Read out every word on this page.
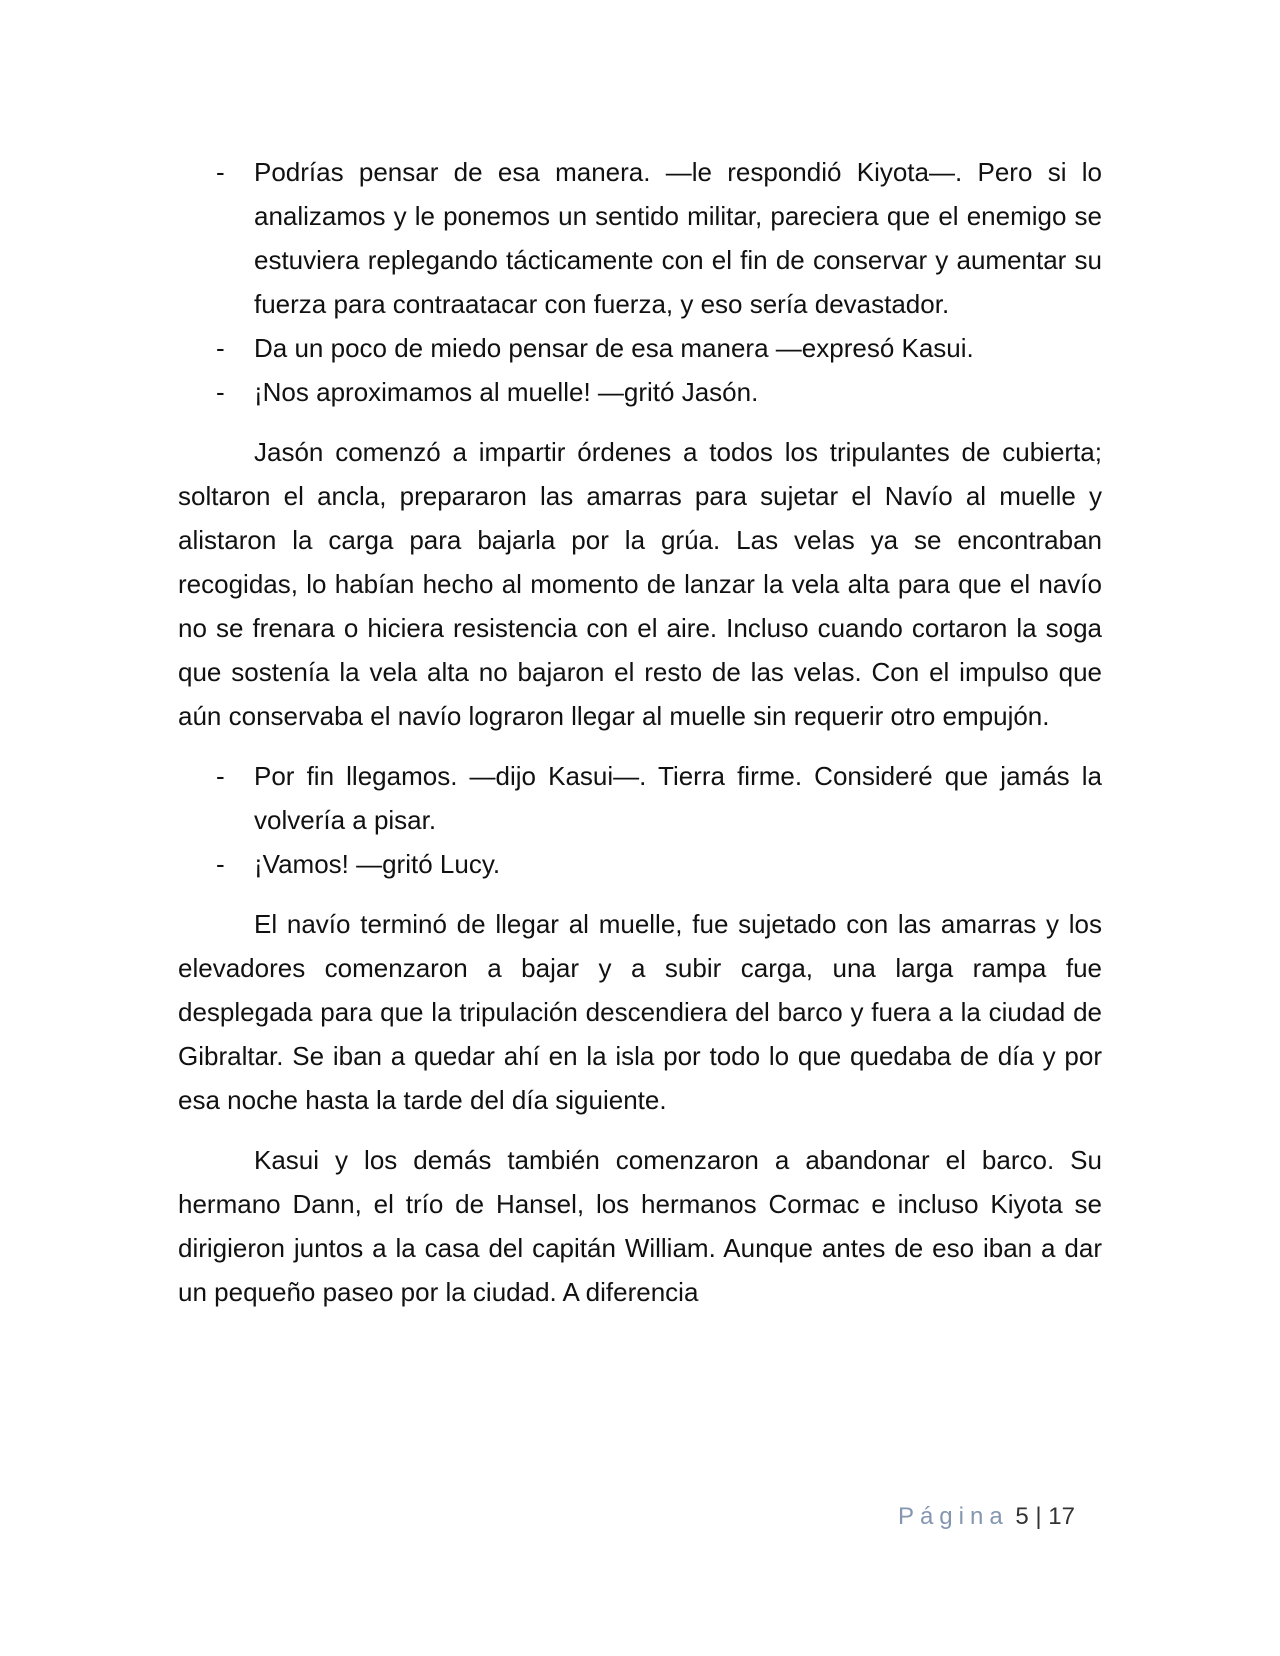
-	Podrías pensar de esa manera. —le respondió Kiyota—. Pero si lo analizamos y le ponemos un sentido militar, pareciera que el enemigo se estuviera replegando tácticamente con el fin de conservar y aumentar su fuerza para contraatacar con fuerza, y eso sería devastador.
-	Da un poco de miedo pensar de esa manera —expresó Kasui.
-	¡Nos aproximamos al muelle! —gritó Jasón.

Jasón comenzó a impartir órdenes a todos los tripulantes de cubierta; soltaron el ancla, prepararon las amarras para sujetar el Navío al muelle y alistaron la carga para bajarla por la grúa. Las velas ya se encontraban recogidas, lo habían hecho al momento de lanzar la vela alta para que el navío no se frenara o hiciera resistencia con el aire. Incluso cuando cortaron la soga que sostenía la vela alta no bajaron el resto de las velas. Con el impulso que aún conservaba el navío lograron llegar al muelle sin requerir otro empujón.

-	Por fin llegamos. —dijo Kasui—. Tierra firme. Consideré que jamás la volvería a pisar.
-	¡Vamos! —gritó Lucy.

El navío terminó de llegar al muelle, fue sujetado con las amarras y los elevadores comenzaron a bajar y a subir carga, una larga rampa fue desplegada para que la tripulación descendiera del barco y fuera a la ciudad de Gibraltar. Se iban a quedar ahí en la isla por todo lo que quedaba de día y por esa noche hasta la tarde del día siguiente.

Kasui y los demás también comenzaron a abandonar el barco. Su hermano Dann, el trío de Hansel, los hermanos Cormac e incluso Kiyota se dirigieron juntos a la casa del capitán William. Aunque antes de eso iban a dar un pequeño paseo por la ciudad. A diferencia

Página 5 | 17
